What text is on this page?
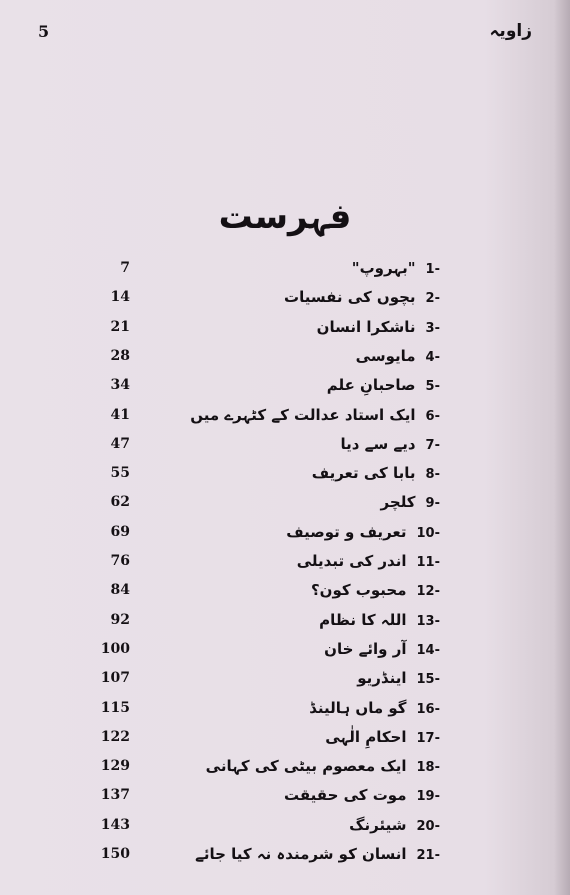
5	زاویہ
فہرست
7	-1"بہروپ"
14	-2بچوں کی نفسیات
21	-3ناشکرا انسان
28	-4مایوسی
34	-5صاحبانِ علم
41	-6ایک استاد عدالت کے کٹہرے میں
47	-7دیے سے دیا
55	-8بابا کی تعریف
62	-9کلچر
69	-10تعریف و توصیف
76	-11اندر کی تبدیلی
84	-12محبوب کون؟
92	-13اللہ کا نظام
100	-14آر وائے خان
107	-15اینڈریو
115	-16گو ماں ہالینڈ
122	-17احکامِ الٰہی
129	-18ایک معصوم بیٹی کی کہانی
137	-19موت کی حقیقت
143	-20شیئرنگ
150	-21انسان کو شرمندہ نہ کیا جائے
